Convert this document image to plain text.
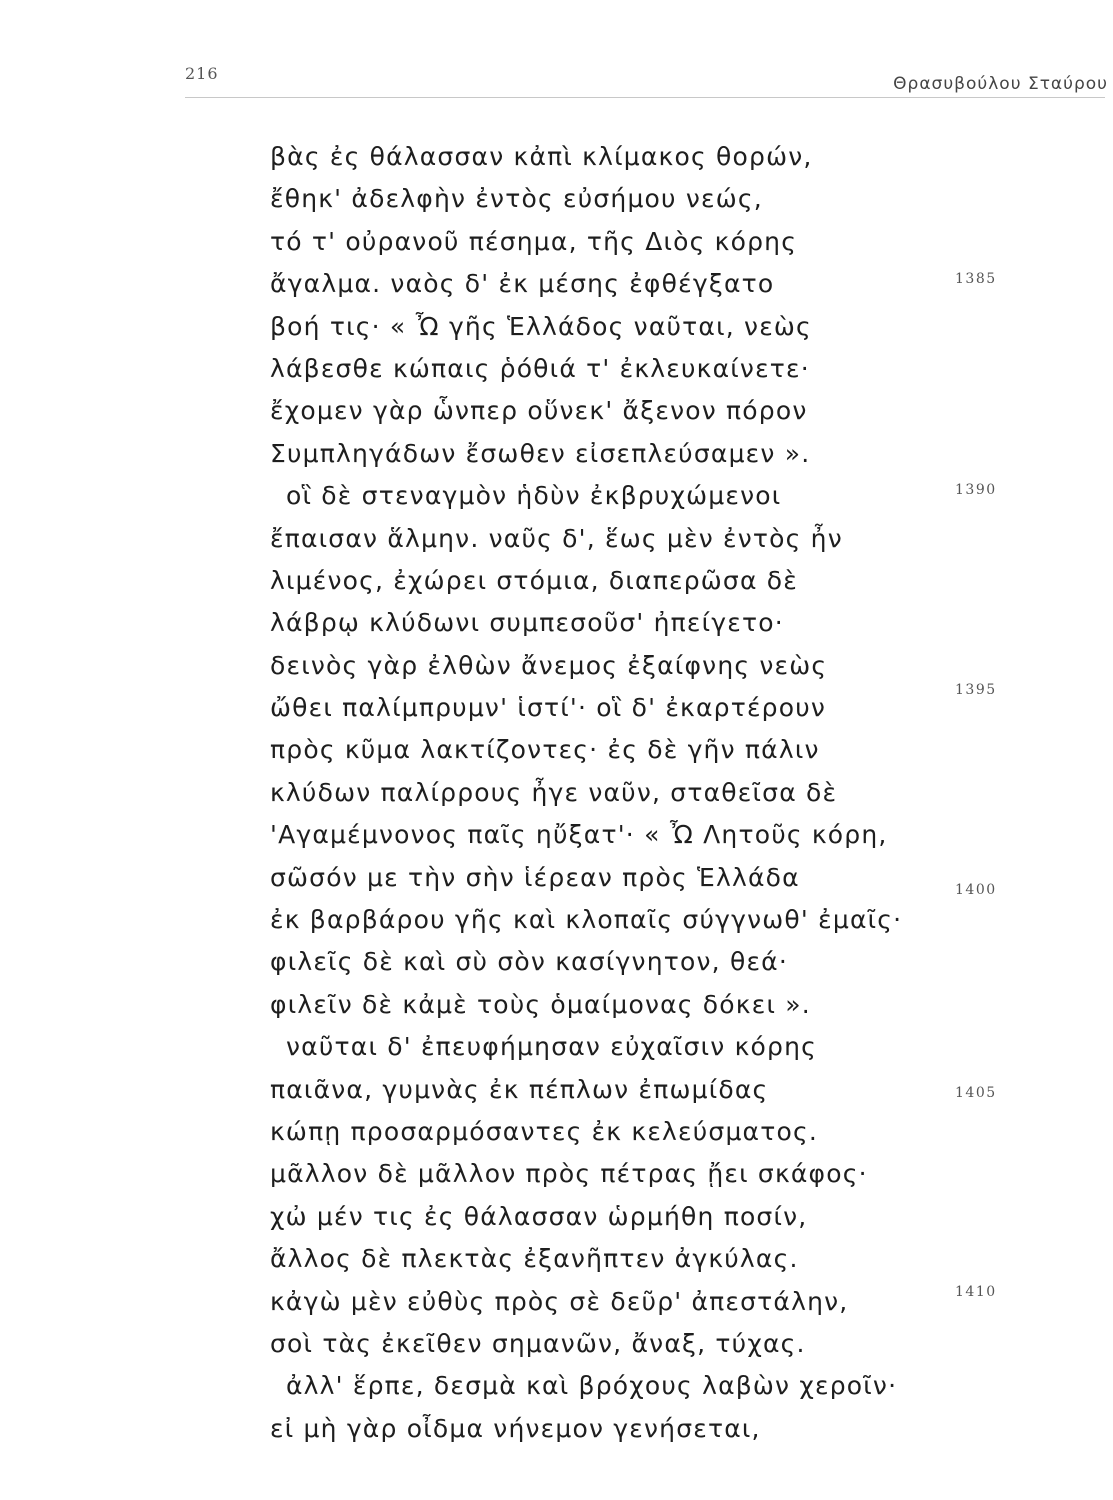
216
Θρασυβούλου Σταύρου
βὰς ἐς θάλασσαν κἀπὶ κλίμακος θορών,
ἔθηκ' ἀδελφὴν ἐντὸς εὐσήμου νεώς,
τό τ' οὐρανοῦ πέσημα, τῆς Διὸς κόρης
ἄγαλμα. ναὸς δ' ἐκ μέσης ἐφθέγξατο
βοή τις· « Ὦ γῆς Ἑλλάδος ναῦται, νεὼς
λάβεσθε κώπαις ῥόθιά τ' ἐκλευκαίνετε·
ἔχομεν γὰρ ὧνπερ οὕνεκ' ἄξενον πόρον
Συμπληγάδων ἔσωθεν εἰσεπλεύσαμεν ».
οἳ δὲ στεναγμὸν ἡδὺν ἐκβρυχώμενοι
ἔπαισαν ἅλμην. ναῦς δ', ἕως μὲν ἐντὸς ἦν
λιμένος, ἐχώρει στόμια, διαπερῶσα δὲ
λάβρῳ κλύδωνι συμπεσοῦσ' ἠπείγετο·
δεινὸς γὰρ ἐλθὼν ἄνεμος ἐξαίφνης νεὼς
ὤθει παλίμπρυμν' ἱστί'· οἳ δ' ἐκαρτέρουν
πρὸς κῦμα λακτίζοντες· ἐς δὲ γῆν πάλιν
κλύδων παλίρρους ἦγε ναῦν, σταθεῖσα δὲ
'Αγαμέμνονος παῖς ηὔξατ'· « Ὦ Λητοῦς κόρη,
σῶσόν με τὴν σὴν ἱέρεαν πρὸς Ἑλλάδα
ἐκ βαρβάρου γῆς καὶ κλοπαῖς σύγγνωθ' ἐμαῖς·
φιλεῖς δὲ καὶ σὺ σὸν κασίγνητον, θεά·
φιλεῖν δὲ κἀμὲ τοὺς ὁμαίμονας δόκει ».
ναῦται δ' ἐπευφήμησαν εὐχαῖσιν κόρης
παιᾶνα, γυμνὰς ἐκ πέπλων ἐπωμίδας
κώπῃ προσαρμόσαντες ἐκ κελεύσματος.
μᾶλλον δὲ μᾶλλον πρὸς πέτρας ᾔει σκάφος·
χὠ μέν τις ἐς θάλασσαν ὡρμήθη ποσίν,
ἄλλος δὲ πλεκτὰς ἐξανῆπτεν ἀγκύλας.
κἀγὼ μὲν εὐθὺς πρὸς σὲ δεῦρ' ἀπεστάλην,
σοὶ τὰς ἐκεῖθεν σημανῶν, ἄναξ, τύχας.
ἀλλ' ἕρπε, δεσμὰ καὶ βρόχους λαβὼν χεροῖν·
εἰ μὴ γὰρ οἶδμα νήνεμον γενήσεται,
1385
1390
1395
1400
1405
1410
